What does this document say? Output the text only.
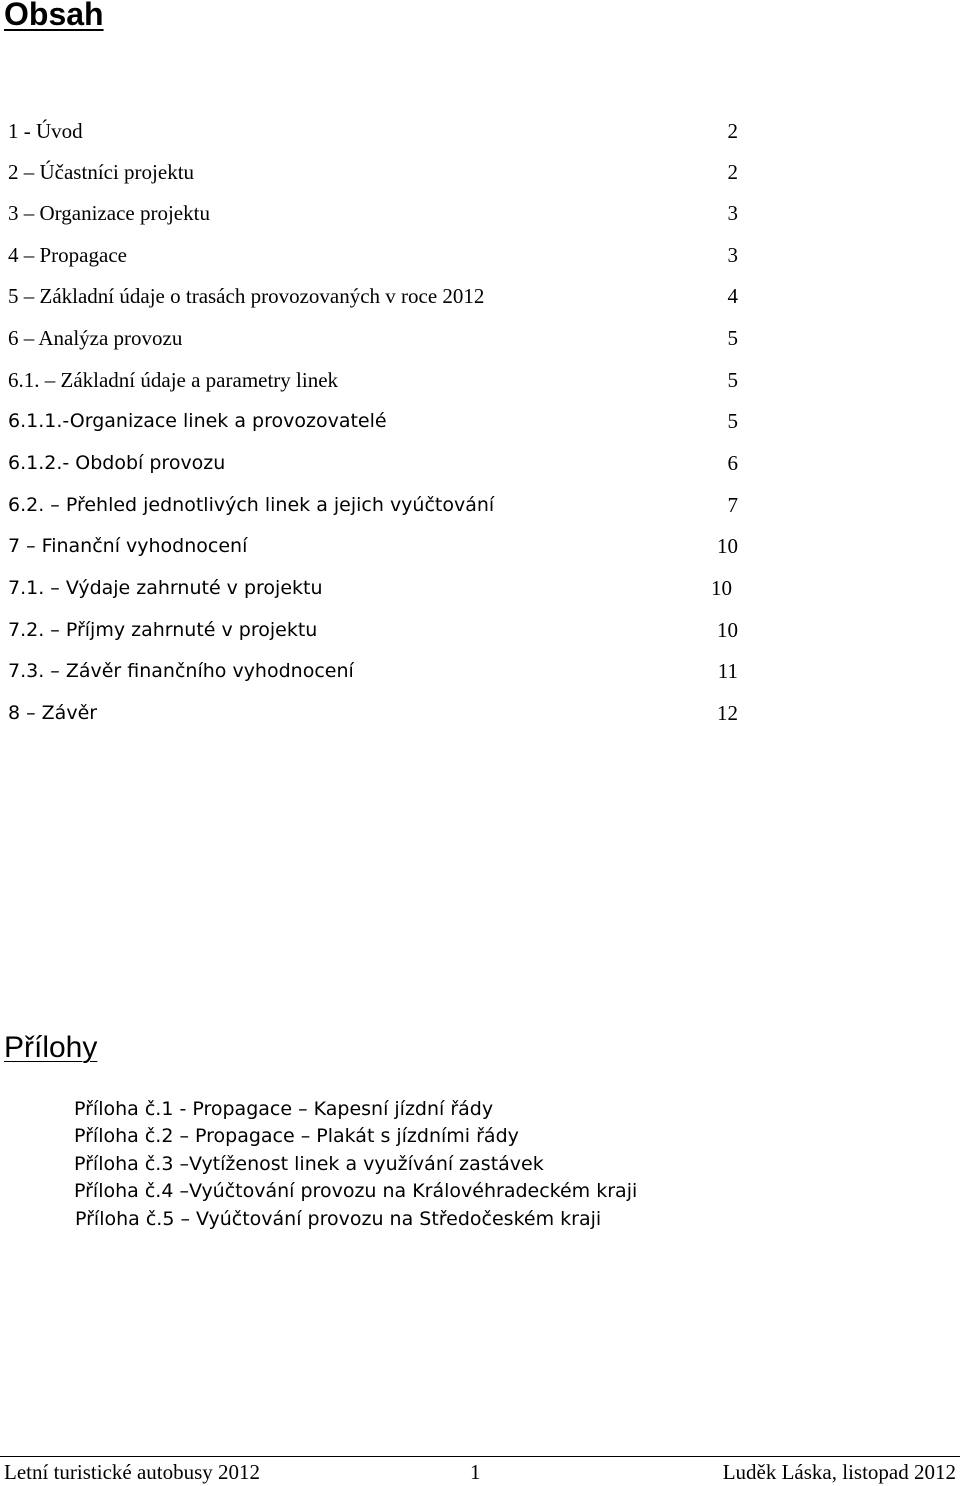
Obsah
1 - Úvod	2
2 – Účastníci projektu	2
3 – Organizace projektu	3
4 – Propagace	3
5 – Základní údaje o trasách provozovaných v roce 2012	4
6 – Analýza provozu	5
6.1. – Základní údaje a parametry linek	5
6.1.1.-Organizace linek a provozovatelé	5
6.1.2.- Období provozu	6
6.2. – Přehled jednotlivých linek a jejich vyúčtování	7
7 – Finanční vyhodnocení	10
7.1. – Výdaje zahrnuté v projektu	10
7.2. – Příjmy zahrnuté v projektu	10
7.3. – Závěr finančního vyhodnocení	11
8 – Závěr	12
Přílohy
Příloha č.1 - Propagace – Kapesní jízdní řády
Příloha č.2 – Propagace – Plakát s jízdními řády
Příloha č.3 –Vytíženost linek a využívání zastávek
Příloha č.4 –Vyúčtování provozu na Královéhradeckém kraji
Příloha č.5 – Vyúčtování provozu na Středočeském kraji
Letní turistické autobusy 2012	1	Luděk Láska, listopad 2012
